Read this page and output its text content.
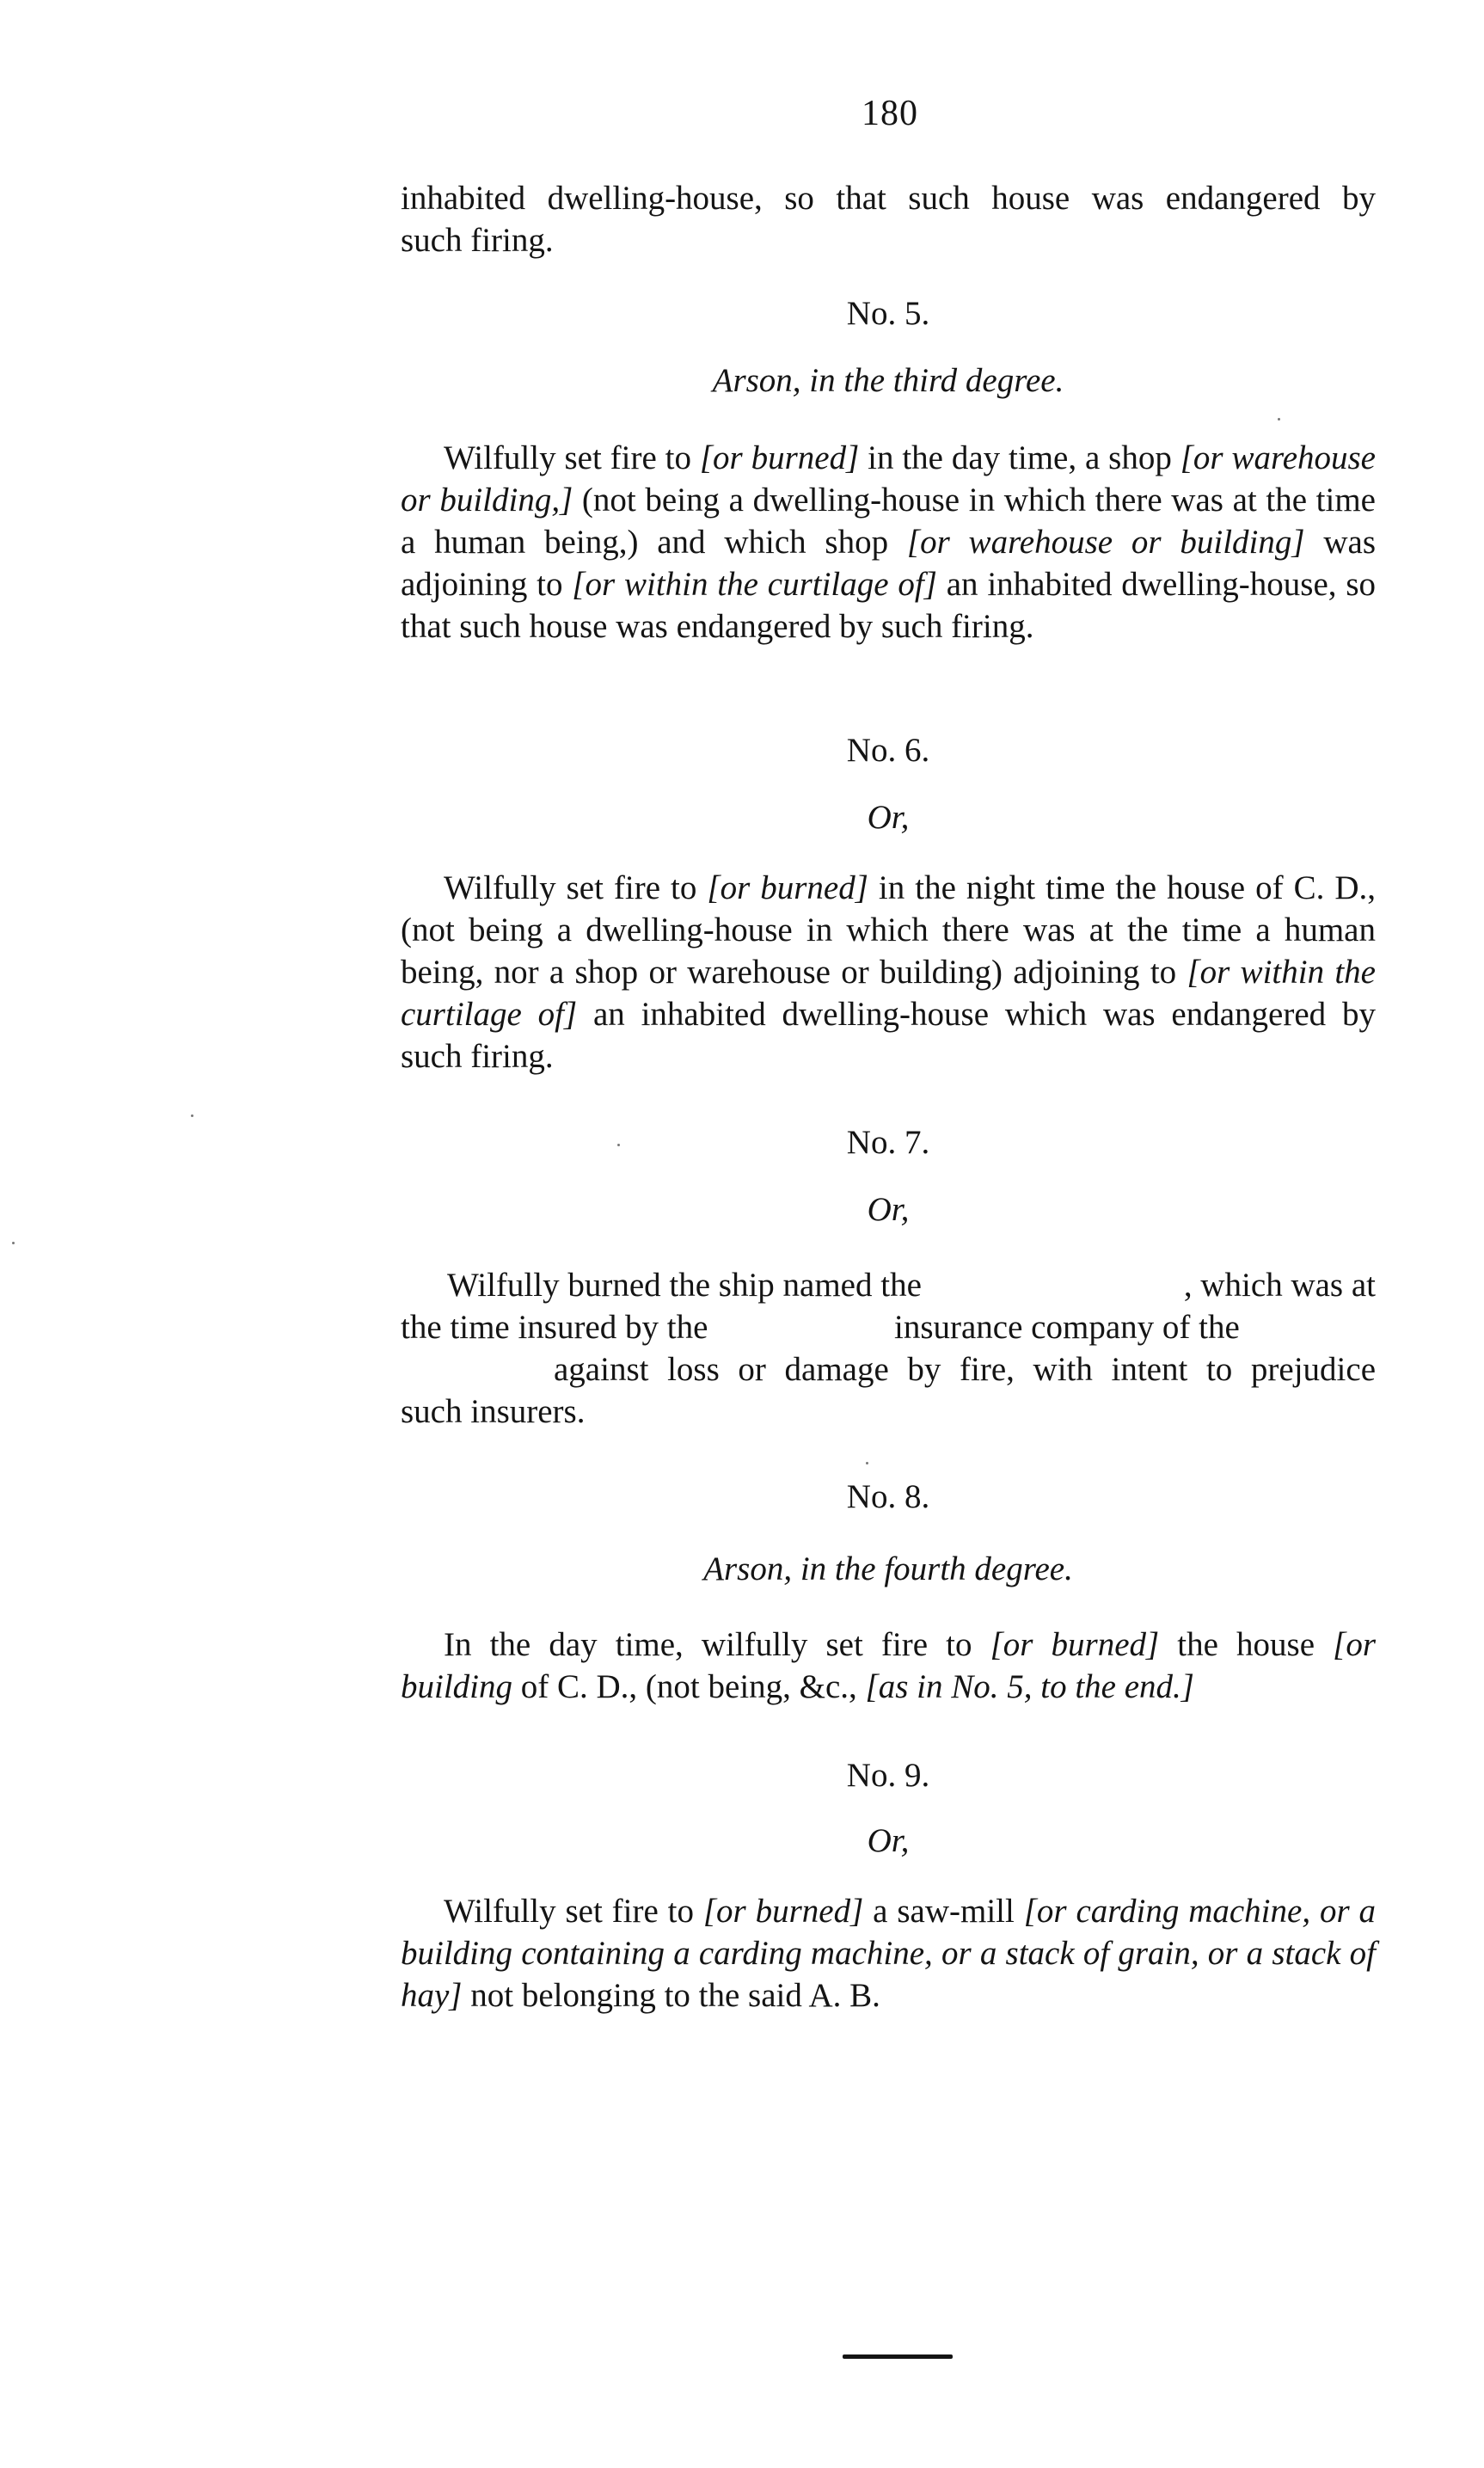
180

inhabited dwelling-house, so that such house was endangered by

such firing.

No. 5.
Arson, in the third degree.

Wilfully set fire to [or burned] in the day time, a shop [or warehouse or building,] (not being a dwelling-house in which there was at the time a human being,) and which shop [or warehouse or building] was adjoining to [or within the curtilage of] an inhabited dwelling-house, so that such house was endangered by such firing.

No. 6.
Or,

Wilfully set fire to [or burned] in the night time the house of C. D., (not being a dwelling-house in which there was at the time a human being, nor a shop or warehouse or building) adjoining to [or within the curtilage of] an inhabited dwelling-house which was endangered by such firing.

No. 7.
Or,

Wilfully burned the ship named the	, which was at

the time insured by the	insurance company of the

against loss or damage by fire, with intent to prejudice

such insurers.

No. 8.
Arson, in the fourth degree.

In the day time, wilfully set fire to [or burned] the house [or building of C. D., (not being, &c., [as in No. 5, to the end.]

No. 9.
Or,

Wilfully set fire to [or burned] a saw-mill [or carding machine, or a building containing a carding machine, or a stack of grain, or a stack of hay] not belonging to the said A. B.
